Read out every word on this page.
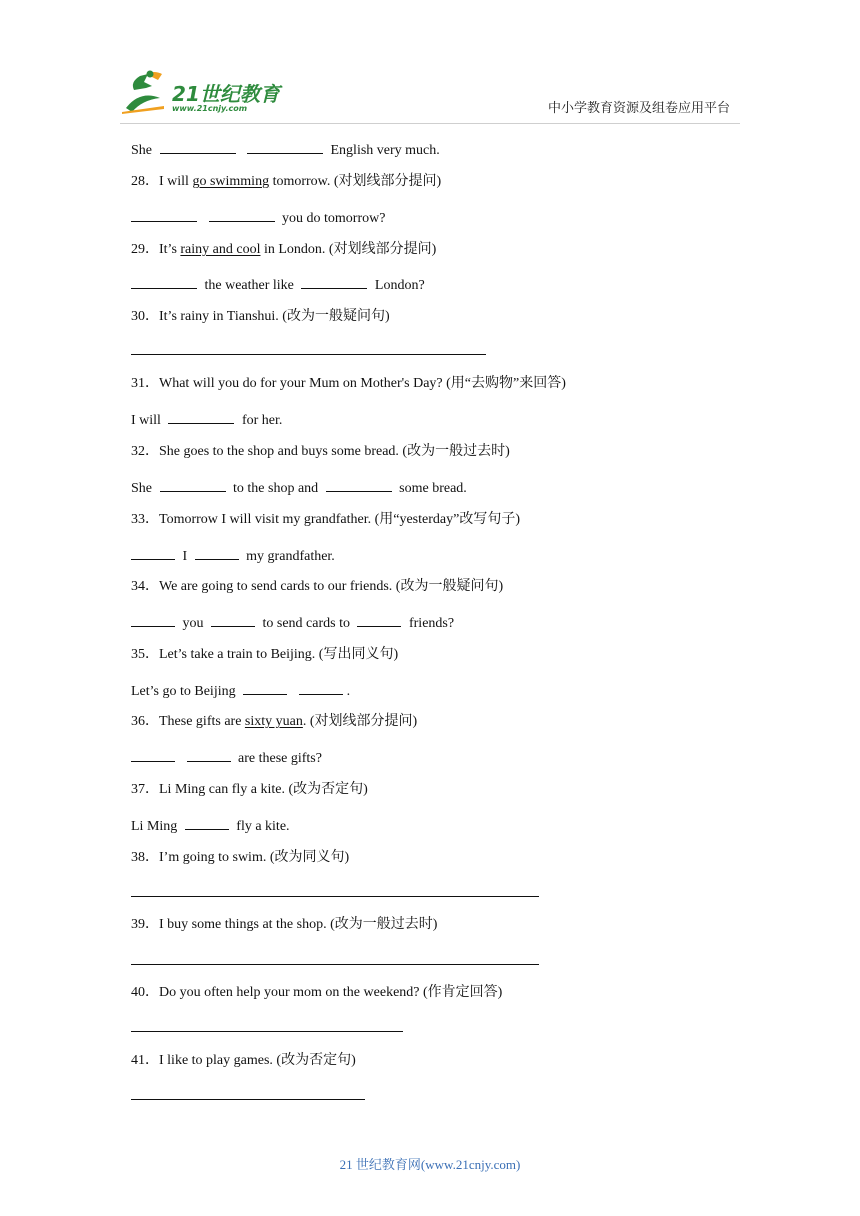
21世纪教育
www.21cnjy.com	中小学教育资源及组卷应用平台
She	English very much.
28．I will go swimming tomorrow. (对划线部分提问)
you do tomorrow?
29．It’s rainy and cool in London. (对划线部分提问)
the weather like	London?
30．It’s rainy in Tianshui. (改为一般疑问句)
31．What will you do for your Mum on Mother's Day? (用“去购物”来回答)
I will	for her.
32．She goes to the shop and buys some bread. (改为一般过去时)
She	to the shop and	some bread.
33．Tomorrow I will visit my grandfather. (用“yesterday”改写句子)
I	my grandfather.
34．We are going to send cards to our friends. (改为一般疑问句)
you	to send cards to	friends?
35．Let’s take a train to Beijing. (写出同义句)
Let’s go to Beijing	.
36．These gifts are sixty yuan. (对划线部分提问)
are these gifts?
37．Li Ming can fly a kite. (改为否定句)
Li Ming	fly a kite.
38．I’m going to swim. (改为同义句)
39．I buy some things at the shop. (改为一般过去时)
40．Do you often help your mom on the weekend? (作肯定回答)
41．I like to play games. (改为否定句)
21 世纪教育网(www.21cnjy.com)
